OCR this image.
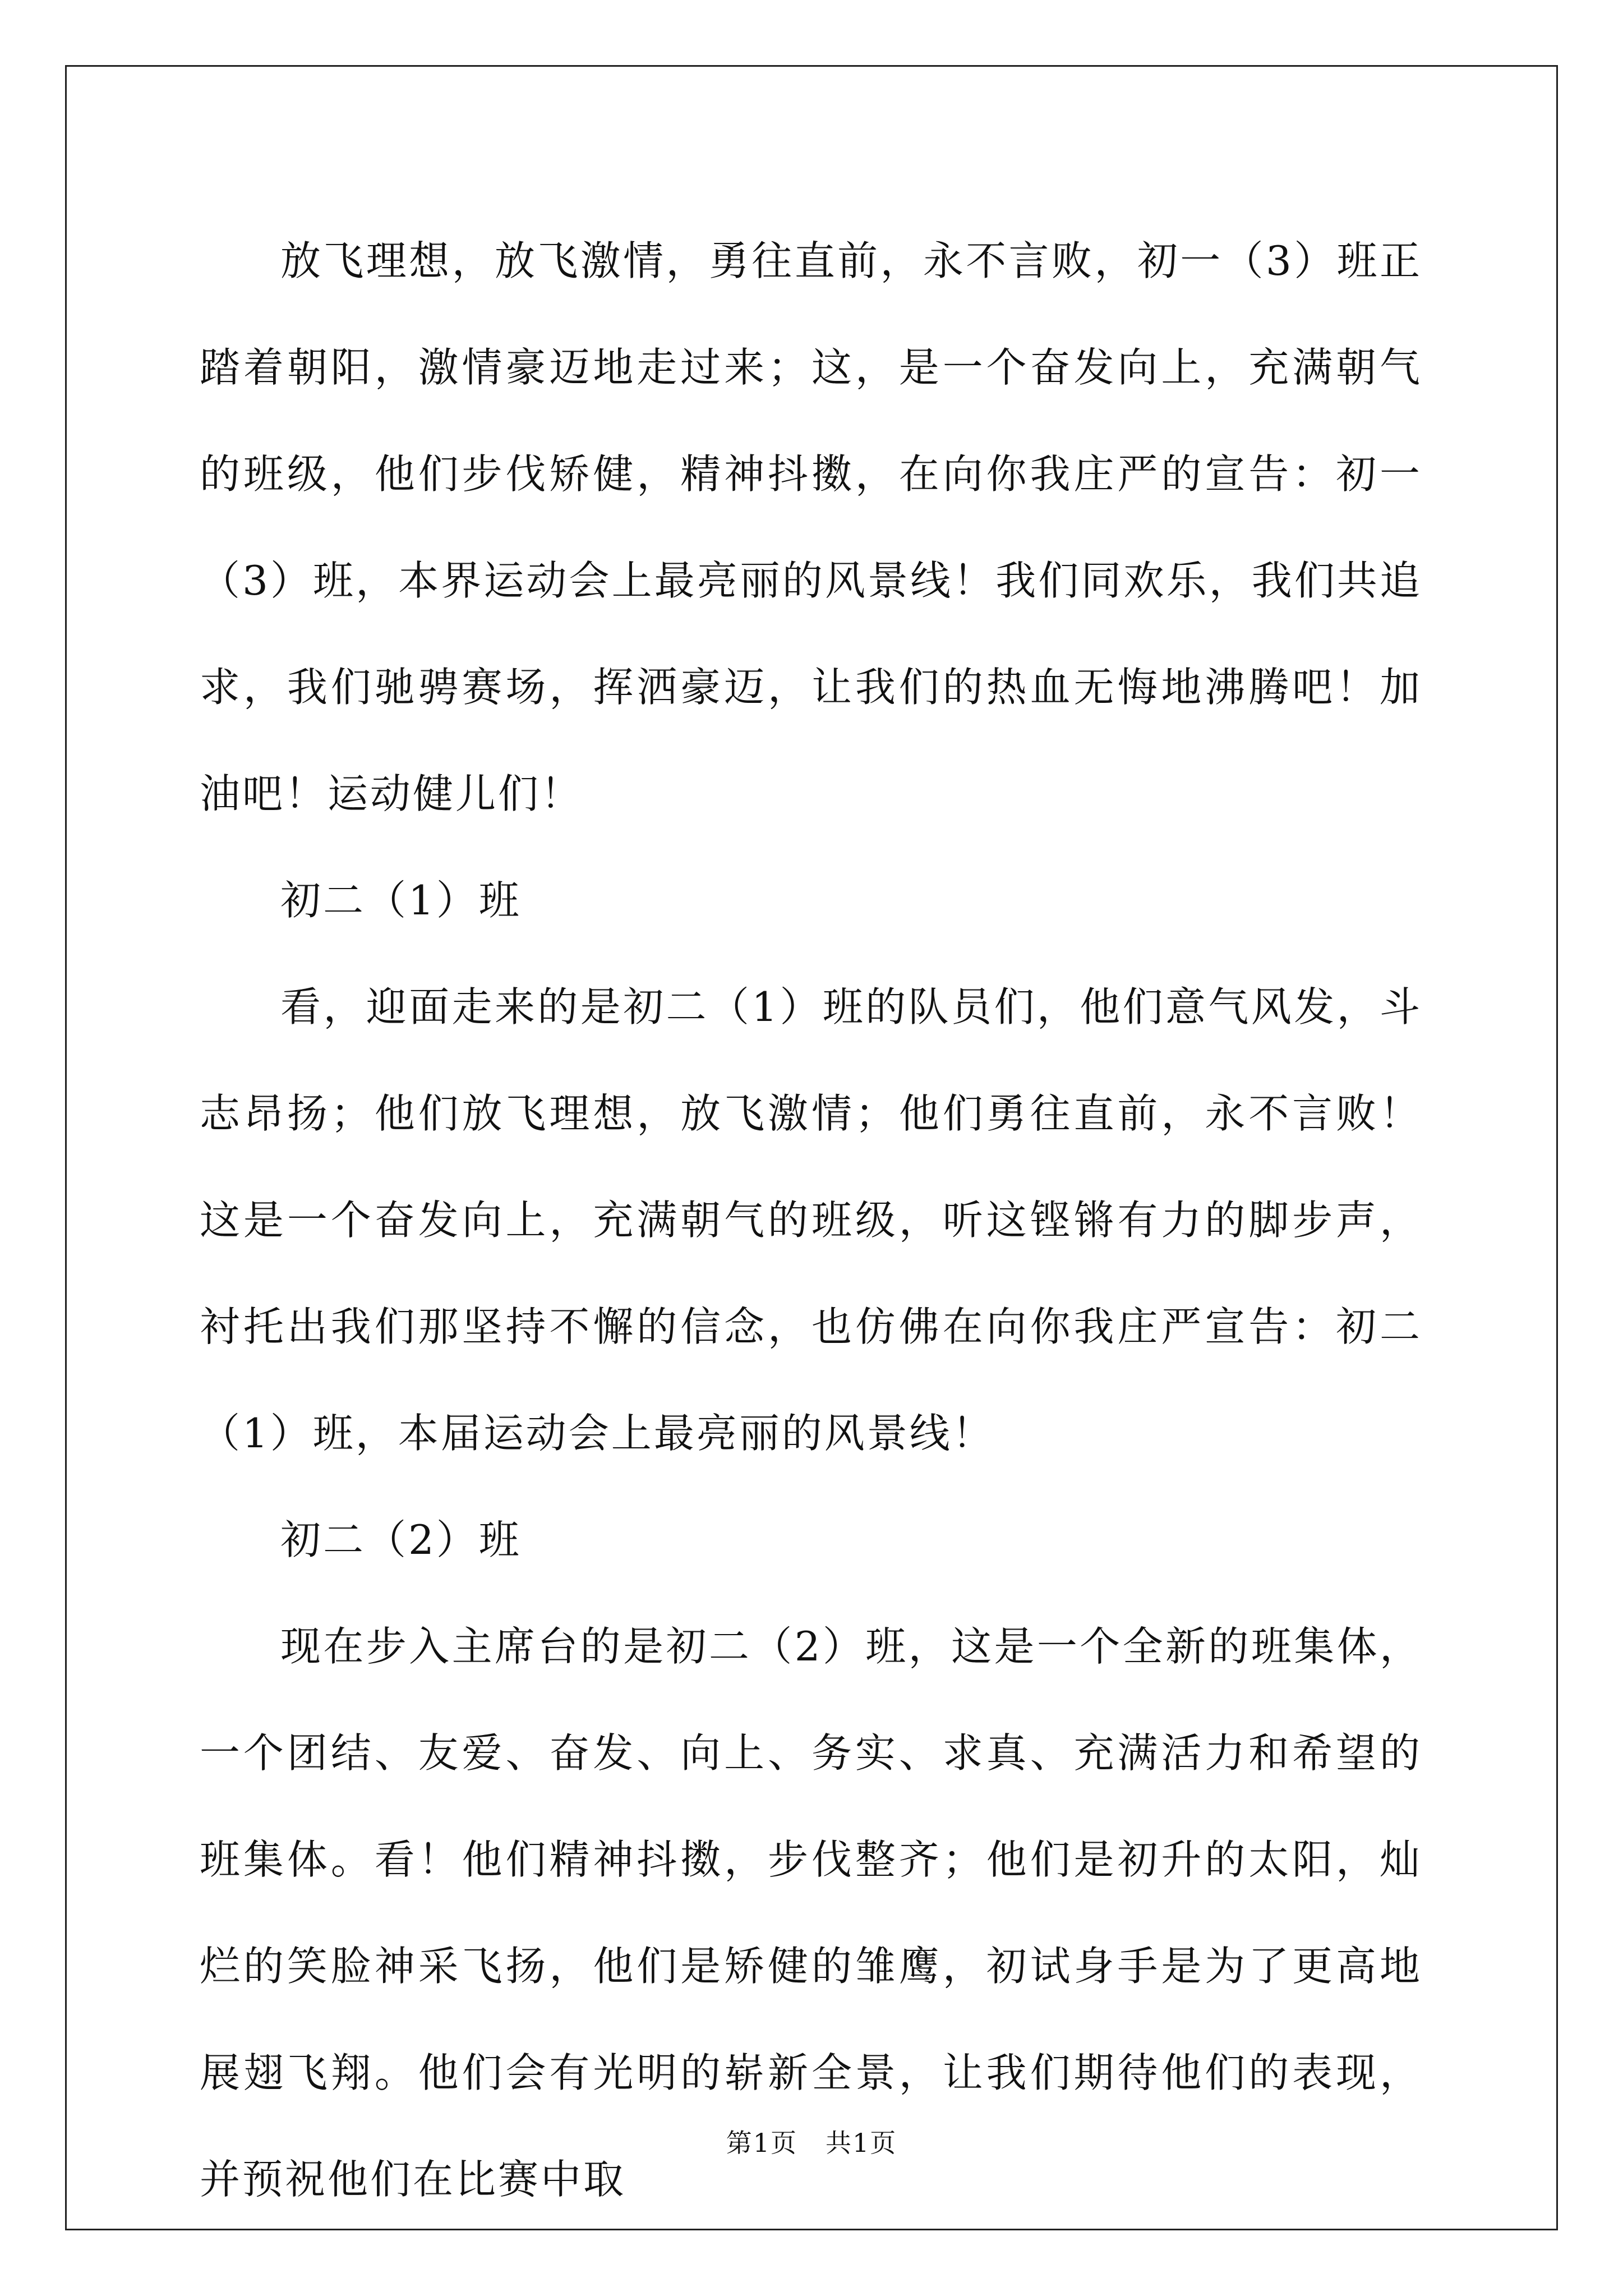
放飞理想，放飞激情，勇往直前，永不言败，初一（3）班正踏着朝阳，激情豪迈地走过来；这，是一个奋发向上，充满朝气的班级，他们步伐矫健，精神抖擞，在向你我庄严的宣告：初一（3）班，本界运动会上最亮丽的风景线！我们同欢乐，我们共追求，我们驰骋赛场，挥洒豪迈，让我们的热血无悔地沸腾吧！加油吧！运动健儿们！

初二（1）班

看，迎面走来的是初二（1）班的队员们，他们意气风发，斗志昂扬；他们放飞理想，放飞激情；他们勇往直前，永不言败！这是一个奋发向上，充满朝气的班级，听这铿锵有力的脚步声，衬托出我们那坚持不懈的信念，也仿佛在向你我庄严宣告：初二（1）班，本届运动会上最亮丽的风景线！

初二（2）班

现在步入主席台的是初二（2）班，这是一个全新的班集体，一个团结、友爱、奋发、向上、务实、求真、充满活力和希望的班集体。看！他们精神抖擞，步伐整齐；他们是初升的太阳，灿烂的笑脸神采飞扬，他们是矫健的雏鹰，初试身手是为了更高地展翅飞翔。他们会有光明的崭新全景，让我们期待他们的表现，并预祝他们在比赛中取

第1页 共1页
